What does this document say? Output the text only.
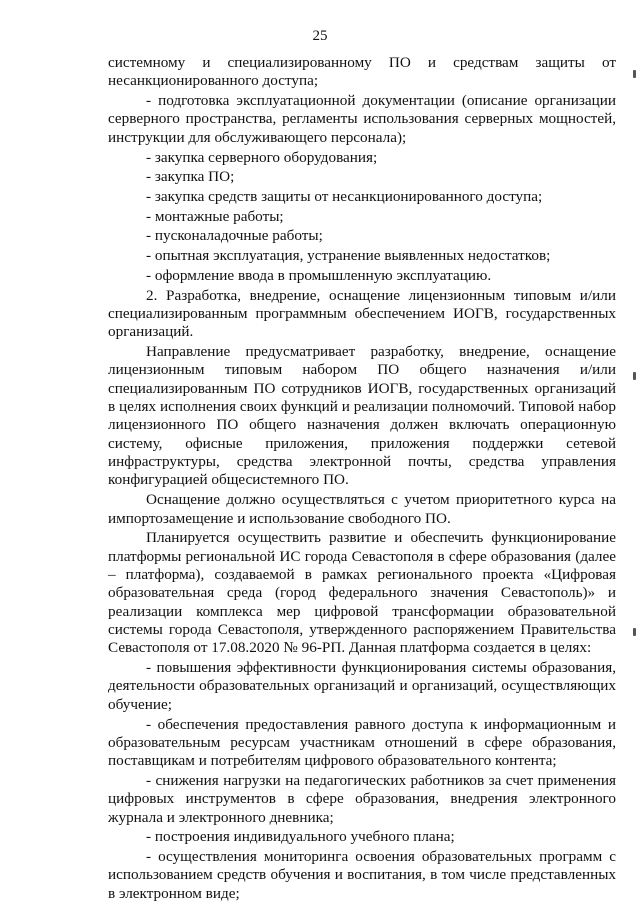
25

системному и специализированному ПО и средствам защиты от несанкционированного доступа;

- подготовка эксплуатационной документации (описание организации серверного пространства, регламенты использования серверных мощностей, инструкции для обслуживающего персонала);

- закупка серверного оборудования;

- закупка ПО;

- закупка средств защиты от несанкционированного доступа;

- монтажные работы;

- пусконаладочные работы;

- опытная эксплуатация, устранение выявленных недостатков;

- оформление ввода в промышленную эксплуатацию.

2. Разработка, внедрение, оснащение лицензионным типовым и/или специализированным программным обеспечением ИОГВ, государственных организаций.

Направление предусматривает разработку, внедрение, оснащение лицензионным типовым набором ПО общего назначения и/или специализированным ПО сотрудников ИОГВ, государственных организаций в целях исполнения своих функций и реализации полномочий. Типовой набор лицензионного ПО общего назначения должен включать операционную систему, офисные приложения, приложения поддержки сетевой инфраструктуры, средства электронной почты, средства управления конфигурацией общесистемного ПО.

Оснащение должно осуществляться с учетом приоритетного курса на импортозамещение и использование свободного ПО.

Планируется осуществить развитие и обеспечить функционирование платформы региональной ИС города Севастополя в сфере образования (далее – платформа), создаваемой в рамках регионального проекта «Цифровая образовательная среда (город федерального значения Севастополь)» и реализации комплекса мер цифровой трансформации образовательной системы города Севастополя, утвержденного распоряжением Правительства Севастополя от 17.08.2020 № 96-РП. Данная платформа создается в целях:

- повышения эффективности функционирования системы образования, деятельности образовательных организаций и организаций, осуществляющих обучение;

- обеспечения предоставления равного доступа к информационным и образовательным ресурсам участникам отношений в сфере образования, поставщикам и потребителям цифрового образовательного контента;

- снижения нагрузки на педагогических работников за счет применения цифровых инструментов в сфере образования, внедрения электронного журнала и электронного дневника;

- построения индивидуального учебного плана;

- осуществления мониторинга освоения образовательных программ с использованием средств обучения и воспитания, в том числе представленных в электронном виде;
